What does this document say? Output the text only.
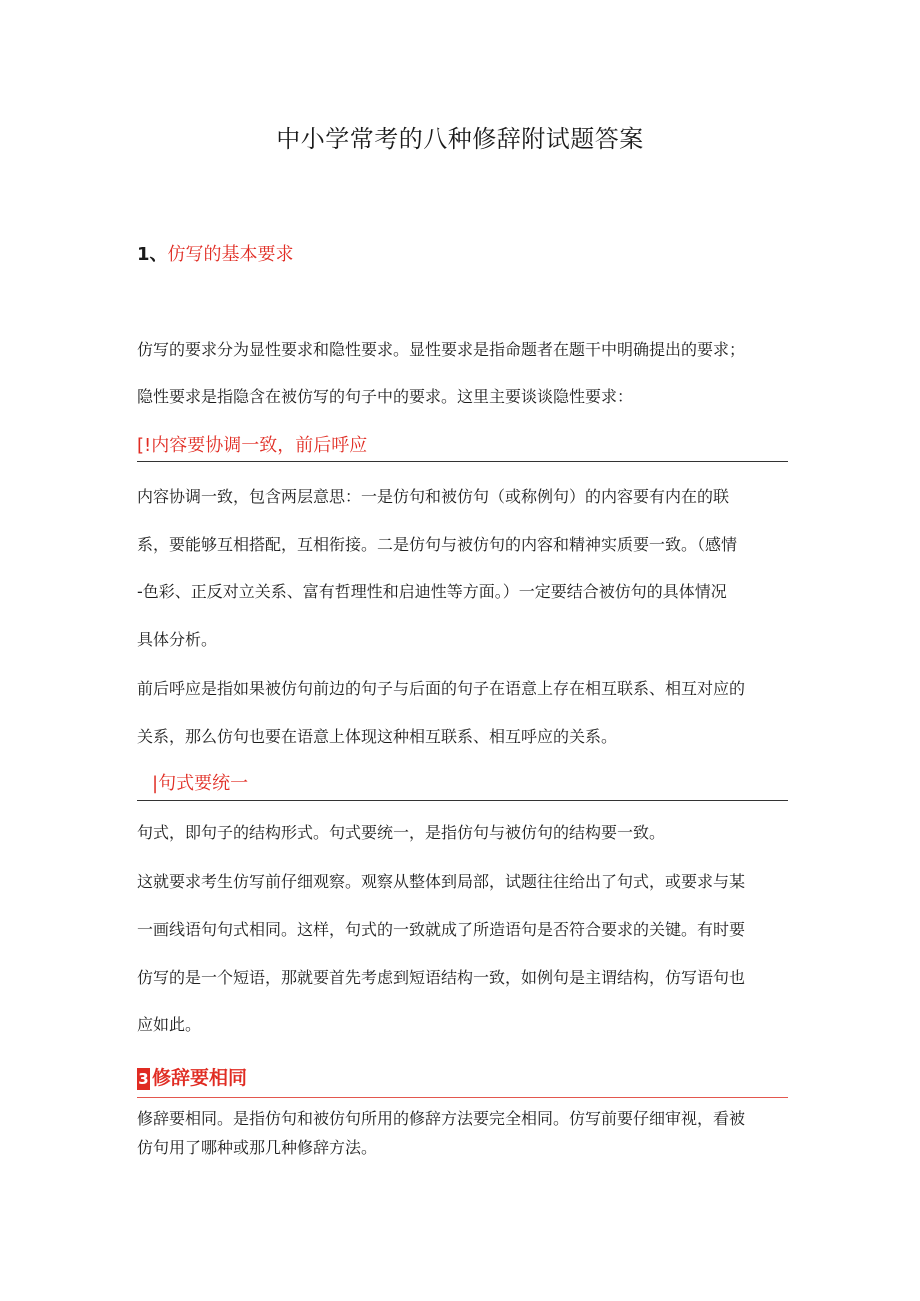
中小学常考的八种修辞附试题答案
1、仿写的基本要求
仿写的要求分为显性要求和隐性要求。显性要求是指命题者在题干中明确提出的要求；
隐性要求是指隐含在被仿写的句子中的要求。这里主要谈谈隐性要求：
[!内容要协调一致，前后呼应
内容协调一致，包含两层意思：一是仿句和被仿句（或称例句）的内容要有内在的联
系，要能够互相搭配，互相衔接。二是仿句与被仿句的内容和精神实质要一致。（感情
-色彩、正反对立关系、富有哲理性和启迪性等方面。）一定要结合被仿句的具体情况
具体分析。
前后呼应是指如果被仿句前边的句子与后面的句子在语意上存在相互联系、相互对应的
关系，那么仿句也要在语意上体现这种相互联系、相互呼应的关系。
|句式要统一
句式，即句子的结构形式。句式要统一，是指仿句与被仿句的结构要一致。
这就要求考生仿写前仔细观察。观察从整体到局部，试题往往给出了句式，或要求与某
一画线语句句式相同。这样，句式的一致就成了所造语句是否符合要求的关键。有时要
仿写的是一个短语，那就要首先考虑到短语结构一致，如例句是主谓结构，仿写语句也
应如此。
3 修辞要相同
修辞要相同。是指仿句和被仿句所用的修辞方法要完全相同。仿写前要仔细审视，看被
仿句用了哪种或那几种修辞方法。
